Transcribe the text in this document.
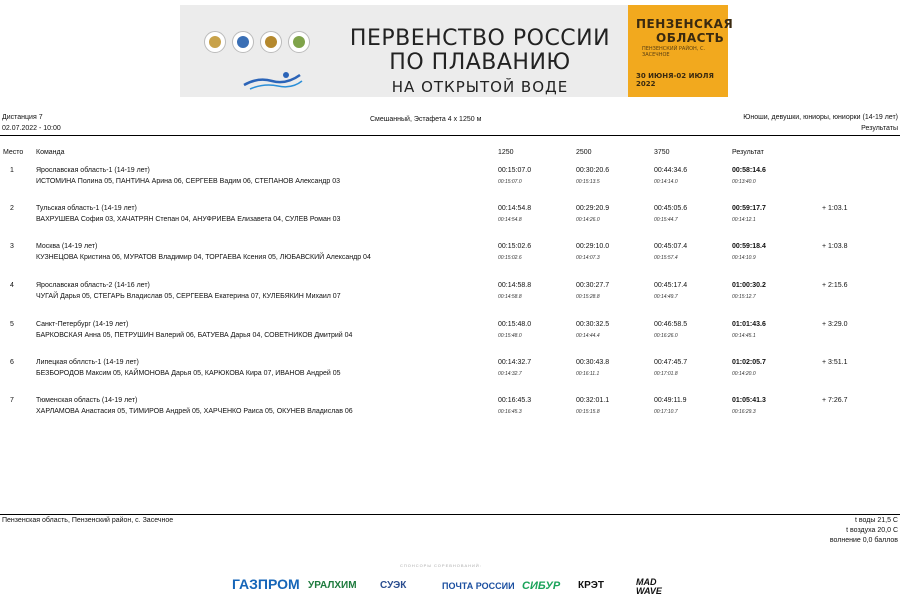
ПЕРВЕНСТВО РОССИИ
ПО ПЛАВАНИЮ
НА ОТКРЫТОЙ ВОДЕ
ПЕНЗЕНСКАЯ
ОБЛАСТЬ
ПЕНЗЕНСКИЙ РАЙОН, С. ЗАСЕЧНОЕ
30 ИЮНЯ-02 ИЮЛЯ 2022
Дистанция 7
02.07.2022 - 10:00
Смешанный, Эстафета 4 x 1250 м	Юноши, девушки, юниоры, юниорки (14-19 лет)
Результаты
Место Команда	1250	2500	3750	Результат
1	Ярославская область-1 (14-19 лет)
ИСТОМИНА Полина 05, ПАНТИНА Арина 06, СЕРГЕЕВ Вадим 06, СТЕПАНОВ Александр 03
00:15:07.0	00:30:20.6	00:44:34.6	00:58:14.6
00:15:07.0	00:15:13.5	00:14:14.0	00:13:40.0
2	Тульская область-1 (14-19 лет)
ВАХРУШЕВА София 03, ХАЧАТРЯН Степан 04, АНУФРИЕВА Елизавета 04, СУЛЕВ Роман 03
00:14:54.8	00:29:20.9	00:45:05.6	00:59:17.7
00:14:54.8	00:14:26.0	00:15:44.7	00:14:12.1
+ 1:03.1
3	Москва (14-19 лет)
КУЗНЕЦОВА Кристина 06, МУРАТОВ Владимир 04, ТОРГАЕВА Ксения 05, ЛЮБАВСКИЙ Александр 04
00:15:02.6	00:29:10.0	00:45:07.4	00:59:18.4
00:15:02.6	00:14:07.3	00:15:57.4	00:14:10.9
+ 1:03.8
4	Ярославская область-2 (14-16 лет)
ЧУГАЙ Дарья 05, СТЕГАРЬ Владислав 05, СЕРГЕЕВА Екатерина 07, КУЛЕБЯКИН Михаил 07
00:14:58.8	00:30:27.7	00:45:17.4	01:00:30.2
00:14:58.8	00:15:28.8	00:14:49.7	00:15:12.7
+ 2:15.6
5	Санкт-Петербург (14-19 лет)
БАРКОВСКАЯ Анна 05, ПЕТРУШИН Валерий 06, БАТУЕВА Дарья 04, СОВЕТНИКОВ Дмитрий 04
00:15:48.0	00:30:32.5	00:46:58.5	01:01:43.6
00:15:48.0	00:14:44.4	00:16:26.0	00:14:45.1
+ 3:29.0
6	Липецкая обллсть-1 (14-19 лет)
БЕЗБОРОДОВ Максим 05, КАЙМОНОВА Дарья 05, КАРЮКОВА Кира 07, ИВАНОВ Андрей 05
00:14:32.7	00:30:43.8	00:47:45.7	01:02:05.7
00:14:32.7	00:16:11.1	00:17:01.8	00:14:20.0
+ 3:51.1
7	Тюменская область (14-19 лет)
ХАРЛАМОВА Анастасия 05, ТИМИРОВ Андрей 05, ХАРЧЕНКО Раиса 05, ОКУНЕВ Владислав 06
00:16:45.3	00:32:01.1	00:49:11.9	01:05:41.3
00:16:45.3	00:15:15.8	00:17:10.7	00:16:29.3
+ 7:26.7
Пензенская область, Пензенский район, с. Засечное	t воды 21,5 С
t воздуха 20,0 С
волнение 0,0 баллов
СПОНСОРЫ СОРЕВНОВАНИЙ:
ГАЗПРОМ УРАЛХИМ СУЭК	ПОЧТА РОССИИ СИБУР КРЭТ	MAD WAVE
